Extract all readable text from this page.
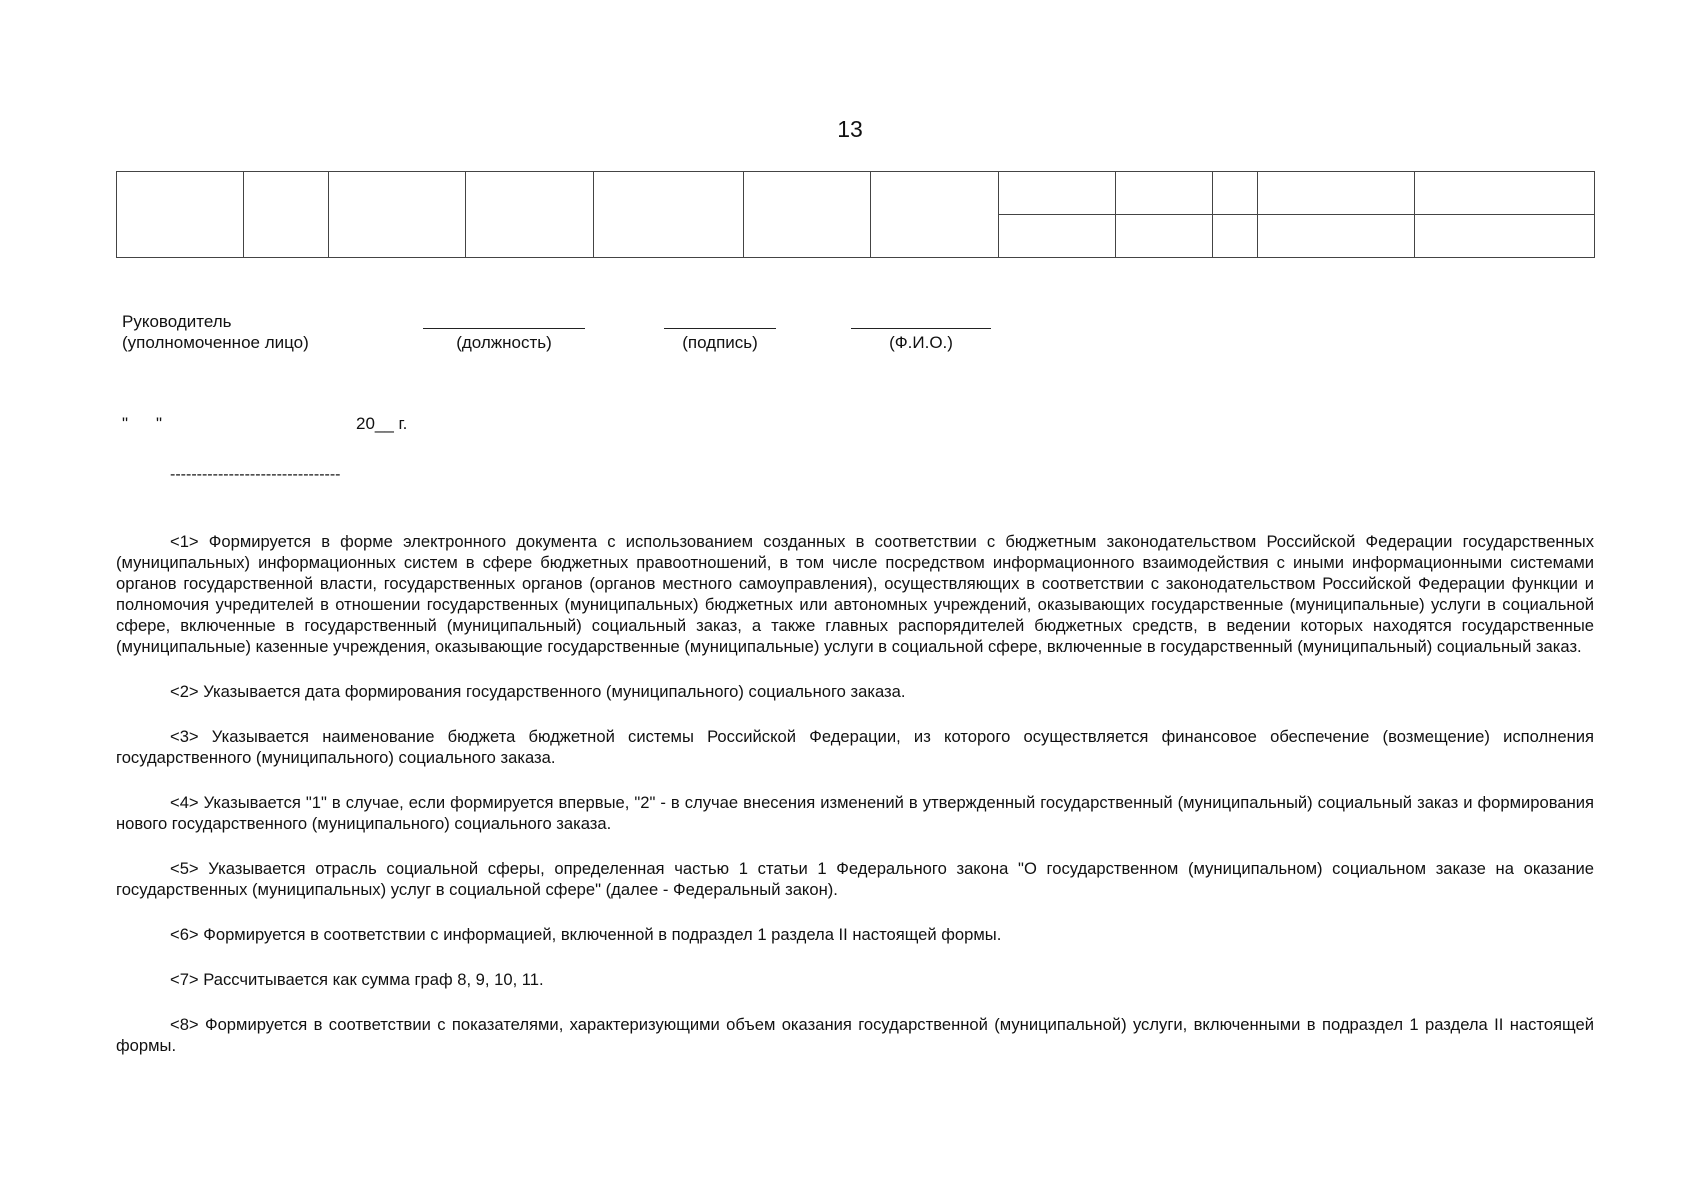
13

Руководитель
(уполномоченное лицо)	(должность)	(подпись)	(Ф.И.О.)
" "	20__ г.
--------------------------------

<1> Формируется в форме электронного документа с использованием созданных в соответствии с бюджетным законодательством Российской Федерации государственных (муниципальных) информационных систем в сфере бюджетных правоотношений, в том числе посредством информационного взаимодействия с иными информационными системами органов государственной власти, государственных органов (органов местного самоуправления), осуществляющих в соответствии с законодательством Российской Федерации функции и полномочия учредителей в отношении государственных (муниципальных) бюджетных или автономных учреждений, оказывающих государственные (муниципальные) услуги в социальной сфере, включенные в государственный (муниципальный) социальный заказ, а также главных распорядителей бюджетных средств, в ведении которых находятся государственные (муниципальные) казенные учреждения, оказывающие государственные (муниципальные) услуги в социальной сфере, включенные в государственный (муниципальный) социальный заказ.

<2> Указывается дата формирования государственного (муниципального) социального заказа.

<3> Указывается наименование бюджета бюджетной системы Российской Федерации, из которого осуществляется финансовое обеспечение (возмещение) исполнения государственного (муниципального) социального заказа.

<4> Указывается "1" в случае, если формируется впервые, "2" - в случае внесения изменений в утвержденный государственный (муниципальный) социальный заказ и формирования нового государственного (муниципального) социального заказа.

<5> Указывается отрасль социальной сферы, определенная частью 1 статьи 1 Федерального закона "О государственном (муниципальном) социальном заказе на оказание государственных (муниципальных) услуг в социальной сфере" (далее - Федеральный закон).

<6> Формируется в соответствии с информацией, включенной в подраздел 1 раздела II настоящей формы.

<7> Рассчитывается как сумма граф 8, 9, 10, 11.

<8> Формируется в соответствии с показателями, характеризующими объем оказания государственной (муниципальной) услуги, включенными в подраздел 1 раздела II настоящей формы.
